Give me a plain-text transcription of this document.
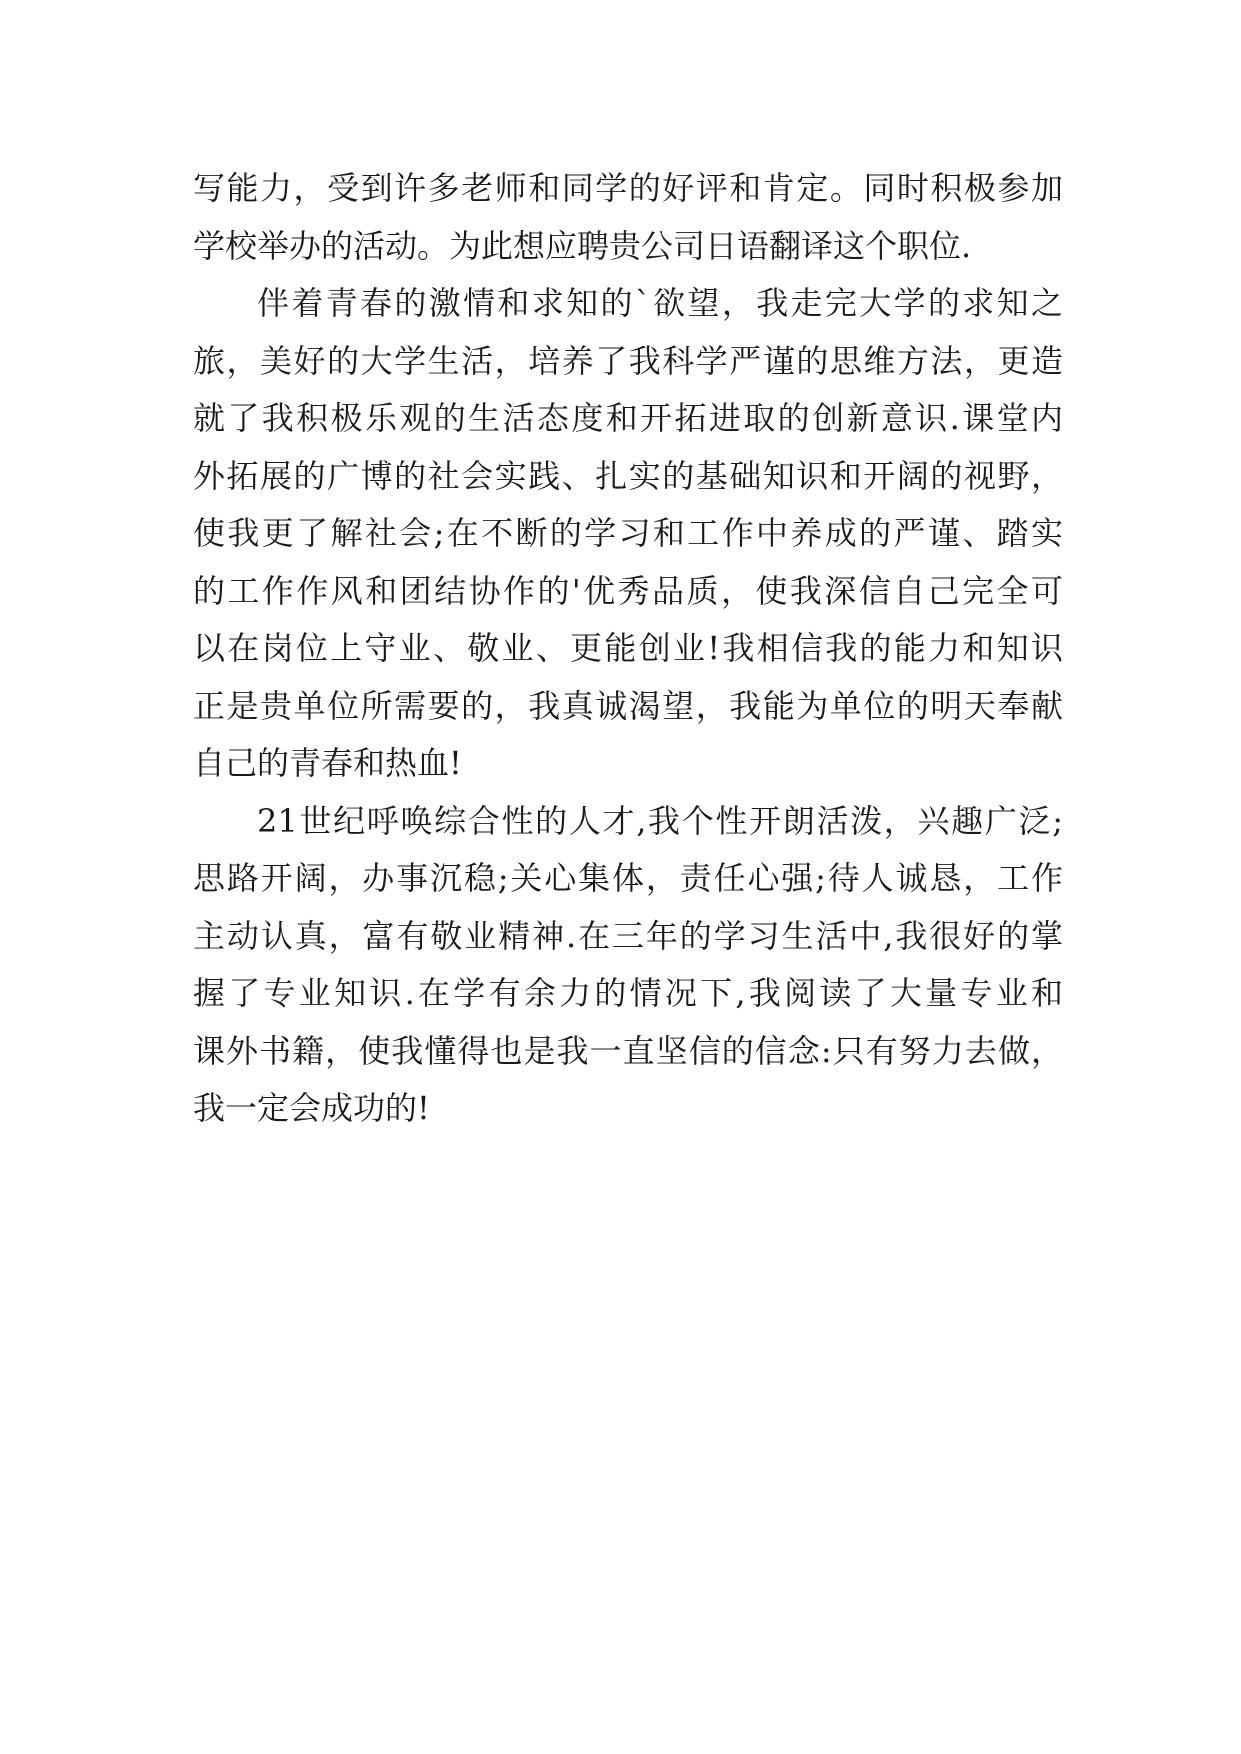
写能力，受到许多老师和同学的好评和肯定。同时积极参加
学校举办的活动。为此想应聘贵公司日语翻译这个职位.
伴着青春的激情和求知的`欲望，我走完大学的求知之
旅，美好的大学生活，培养了我科学严谨的思维方法，更造
就了我积极乐观的生活态度和开拓进取的创新意识.课堂内
外拓展的广博的社会实践、扎实的基础知识和开阔的视野，
使我更了解社会;在不断的学习和工作中养成的严谨、踏实
的工作作风和团结协作的'优秀品质，使我深信自己完全可
以在岗位上守业、敬业、更能创业!我相信我的能力和知识
正是贵单位所需要的，我真诚渴望，我能为单位的明天奉献
自己的青春和热血!
21世纪呼唤综合性的人才,我个性开朗活泼，兴趣广泛;
思路开阔，办事沉稳;关心集体，责任心强;待人诚恳，工作
主动认真，富有敬业精神.在三年的学习生活中,我很好的掌
握了专业知识.在学有余力的情况下,我阅读了大量专业和
课外书籍，使我懂得也是我一直坚信的信念:只有努力去做，
我一定会成功的!
